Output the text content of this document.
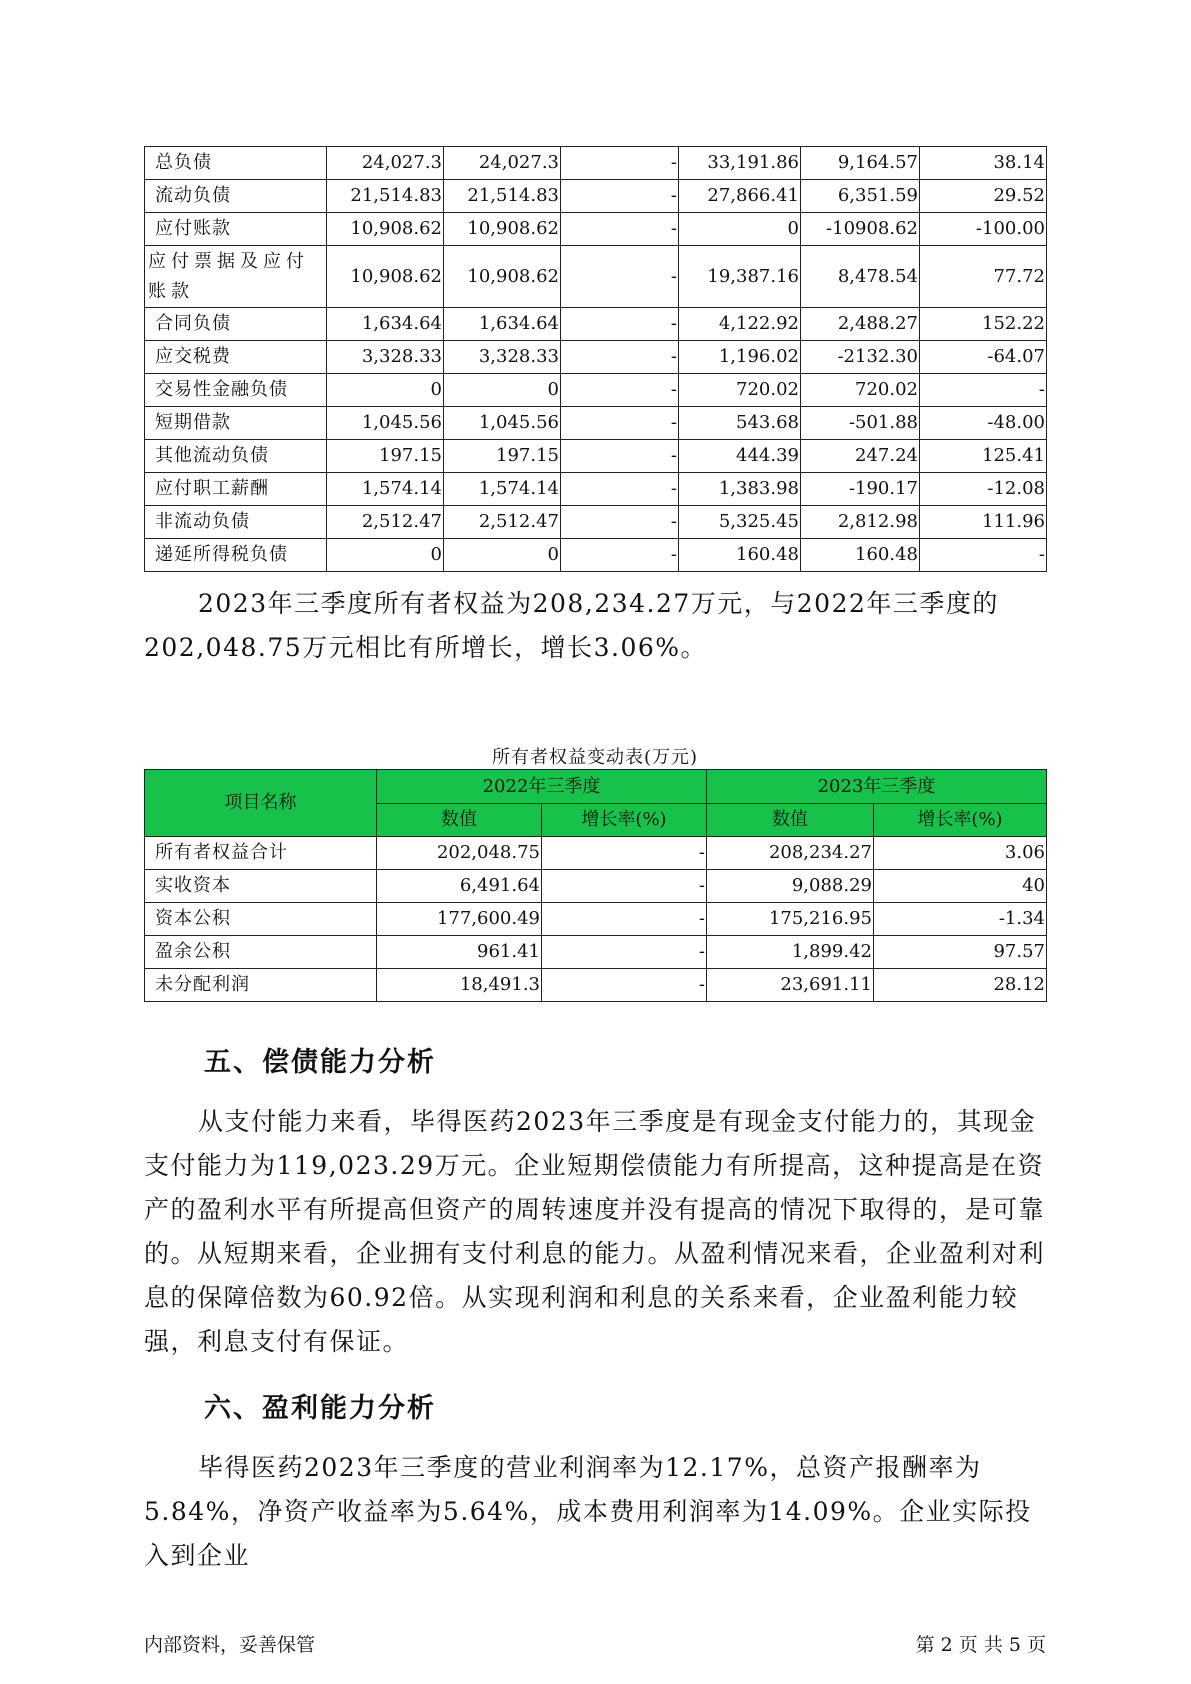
总负债	24,027.3	24,027.3	-	33,191.86	9,164.57	38.14
流动负债	21,514.83	21,514.83	-	27,866.41	6,351.59	29.52
应付账款	10,908.62	10,908.62	-	0	-10908.62	-100.00
应付票据及应付账款	10,908.62	10,908.62	-	19,387.16	8,478.54	77.72
合同负债	1,634.64	1,634.64	-	4,122.92	2,488.27	152.22
应交税费	3,328.33	3,328.33	-	1,196.02	-2132.30	-64.07
交易性金融负债	0	0	-	720.02	720.02	-
短期借款	1,045.56	1,045.56	-	543.68	-501.88	-48.00
其他流动负债	197.15	197.15	-	444.39	247.24	125.41
应付职工薪酬	1,574.14	1,574.14	-	1,383.98	-190.17	-12.08
非流动负债	2,512.47	2,512.47	-	5,325.45	2,812.98	111.96
递延所得税负债	0	0	-	160.48	160.48	-

2023年三季度所有者权益为208,234.27万元，与2022年三季度的202,048.75万元相比有所增长，增长3.06%。

所有者权益变动表(万元)
项目名称	2022年三季度		2023年三季度	
	数值	增长率(%)	数值	增长率(%)
所有者权益合计	202,048.75	-	208,234.27	3.06
实收资本	6,491.64	-	9,088.29	40
资本公积	177,600.49	-	175,216.95	-1.34
盈余公积	961.41	-	1,899.42	97.57
未分配利润	18,491.3	-	23,691.11	28.12
五、偿债能力分析

从支付能力来看，毕得医药2023年三季度是有现金支付能力的，其现金支付能力为119,023.29万元。企业短期偿债能力有所提高，这种提高是在资产的盈利水平有所提高但资产的周转速度并没有提高的情况下取得的，是可靠的。从短期来看，企业拥有支付利息的能力。从盈利情况来看，企业盈利对利息的保障倍数为60.92倍。从实现利润和利息的关系来看，企业盈利能力较强，利息支付有保证。

六、盈利能力分析

毕得医药2023年三季度的营业利润率为12.17%，总资产报酬率为5.84%，净资产收益率为5.64%，成本费用利润率为14.09%。企业实际投入到企业

内部资料，妥善保管	第 2 页 共 5 页
